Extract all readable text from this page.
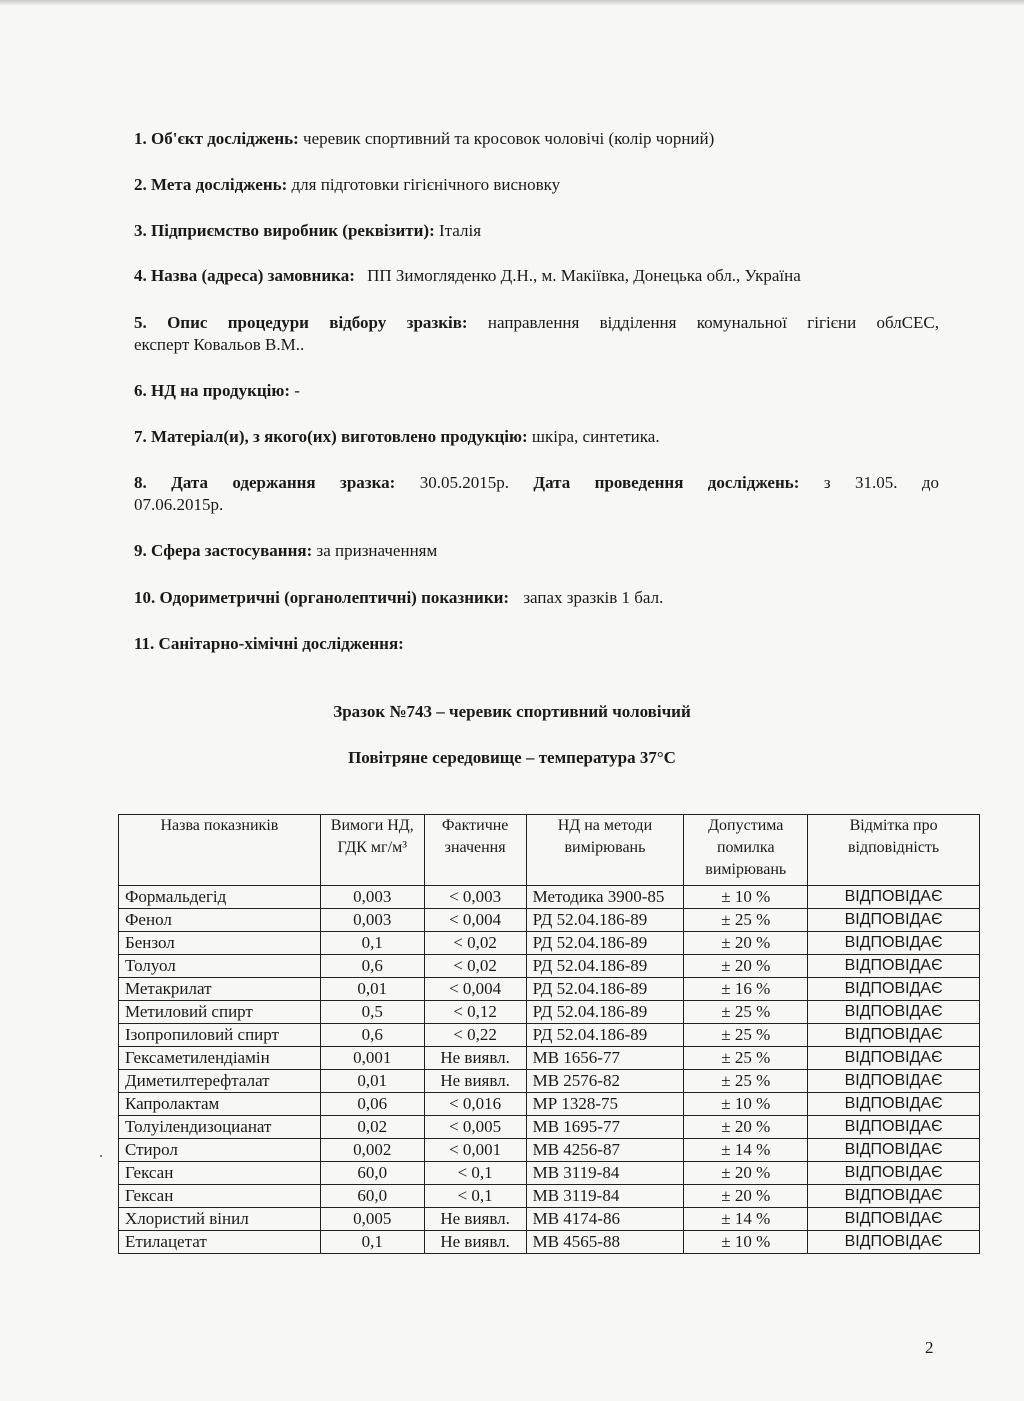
1. Об'єкт досліджень: черевик спортивний та кросовок чоловічі (колір чорний)
2. Мета досліджень: для підготовки гігієнічного висновку
3. Підприємство виробник (реквізити): Італія
4. Назва (адреса) замовника: ПП Зимогляденко Д.Н., м. Макіївка, Донецька обл., Україна
5. Опис процедури відбору зразків: направлення відділення комунальної гігієни облСЕС,
експерт Ковальов В.М..
6. НД на продукцію: -
7. Матеріал(и), з якого(их) виготовлено продукцію: шкіра, синтетика.
8. Дата одержання зразка: 30.05.2015р. Дата проведення досліджень: з 31.05. до
07.06.2015р.
9. Сфера застосування: за призначенням
10. Одориметричні (органолептичні) показники: запах зразків 1 бал.
11. Санітарно-хімічні дослідження:
Зразок №743 – черевик спортивний чоловічий
Повітряне середовище – температура 37°С
Назва показників	Вимоги НД, ГДК мг/м³	Фактичне значення	НД на методи вимірювань	Допустима помилка вимірювань	Відмітка про відповідність
Формальдегід	0,003	< 0,003	Методика 3900-85	± 10 %	ВІДПОВІДАЄ
Фенол	0,003	< 0,004	РД 52.04.186-89	± 25 %	ВІДПОВІДАЄ
Бензол	0,1	< 0,02	РД 52.04.186-89	± 20 %	ВІДПОВІДАЄ
Толуол	0,6	< 0,02	РД 52.04.186-89	± 20 %	ВІДПОВІДАЄ
Метакрилат	0,01	< 0,004	РД 52.04.186-89	± 16 %	ВІДПОВІДАЄ
Метиловий спирт	0,5	< 0,12	РД 52.04.186-89	± 25 %	ВІДПОВІДАЄ
Ізопропиловий спирт	0,6	< 0,22	РД 52.04.186-89	± 25 %	ВІДПОВІДАЄ
Гексаметилендіамін	0,001	Не виявл.	МВ 1656-77	± 25 %	ВІДПОВІДАЄ
Диметилтерефталат	0,01	Не виявл.	МВ 2576-82	± 25 %	ВІДПОВІДАЄ
Капролактам	0,06	< 0,016	МР 1328-75	± 10 %	ВІДПОВІДАЄ
Толуілендизоцианат	0,02	< 0,005	МВ 1695-77	± 20 %	ВІДПОВІДАЄ
Стирол	0,002	< 0,001	МВ 4256-87	± 14 %	ВІДПОВІДАЄ
Гексан	60,0	< 0,1	МВ 3119-84	± 20 %	ВІДПОВІДАЄ
Гексан	60,0	< 0,1	МВ 3119-84	± 20 %	ВІДПОВІДАЄ
Хлористий вінил	0,005	Не виявл.	МВ 4174-86	± 14 %	ВІДПОВІДАЄ
Етилацетат	0,1	Не виявл.	МВ 4565-88	± 10 %	ВІДПОВІДАЄ
2
